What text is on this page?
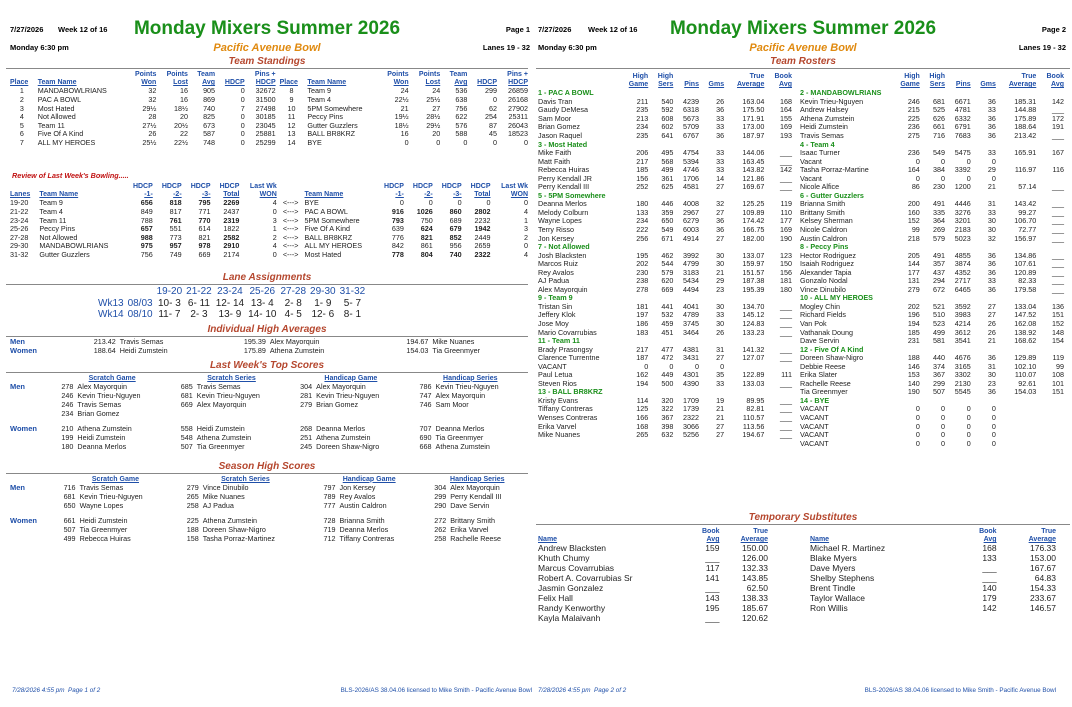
7/27/2026 Week 12 of 16	Monday Mixers Summer 2026	Page 1
Monday 6:30 pm	Pacific Avenue Bowl	Lanes 19 - 32
Team Standings
		Points	Points	Team		Pins +			Points	Points	Team		Pins +
Place	Team Name	Won	Lost	Avg	HDCP	HDCP	Place	Team Name	Won	Lost	Avg	HDCP	HDCP
1	MANDABOWLRIANS	32	16	905	0	32672	8	Team 9	24	24	536	299	26859
2	PAC A BOWL	32	16	869	0	31500	9	Team 4	22½	25½	638	0	26168
3	Most Hated	29½	18½	740	7	27498	10	5PM Somewhere	21	27	756	62	27902
4	Not Allowed	28	20	825	0	30185	11	Peccy Pins	19½	28½	622	254	25311
5	Team 11	27½	20½	673	0	23045	12	Gutter Guzzlers	18½	29½	576	87	26043
6	Five Of A Kind	26	22	587	0	25881	13	BALL BR8KRZ	16	20	588	45	18523
7	ALL MY HEROES	25½	22½	748	0	25299	14	BYE	0	0	0	0	0
Review of Last Week's Bowling.....
		HDCP	HDCP	HDCP	HDCP	Last Wk			HDCP	HDCP	HDCP	HDCP	Last Wk
Lanes	Team Name	-1-	-2-	-3-	Total	WON		Team Name	-1-	-2-	-3-	Total	WON
19-20	Team 9	656	818	795	2269	4	<--->	BYE	0	0	0	0	0
21-22	Team 4	849	817	771	2437	0	<--->	PAC A BOWL	916	1026	860	2802	4
23-24	Team 11	788	761	770	2319	3	<--->	5PM Somewhere	793	750	689	2232	1
25-26	Peccy Pins	657	551	614	1822	1	<--->	Five Of A Kind	639	624	679	1942	3
27-28	Not Allowed	988	773	821	2582	2	<--->	BALL BR8KRZ	776	821	852	2449	2
29-30	MANDABOWLRIANS	975	957	978	2910	4	<--->	ALL MY HEROES	842	861	956	2659	0
31-32	Gutter Guzzlers	756	749	669	2174	0	<--->	Most Hated	778	804	740	2322	4
Lane Assignments
		19-20	21-22	23-24	25-26	27-28	29-30	31-32
Wk13	08/03	10- 3	6- 11	12- 14	13- 4	2- 8	1- 9	5- 7
Wk14	08/10	11- 7	2- 3	13- 9	14- 10	4- 5	12- 6	8- 1
Individual High Averages
Men	213.42	Travis Semas	195.39	Alex Mayorquin	194.67	Mike Nuanes
Women	188.64	Heidi Zumstein	175.89	Athena Zumstein	154.03	Tia Greenmyer
Last Week's Top Scores
	Scratch Game		Scratch Series		Handicap Game		Handicap Series	
Men	278	Alex Mayorquin	685	Travis Semas	304	Alex Mayorquin	786	Kevin Trieu-Nguyen
	246	Kevin Trieu-Nguyen	681	Kevin Trieu-Nguyen	281	Kevin Trieu-Nguyen	747	Alex Mayorquin
	246	Travis Semas	669	Alex Mayorquin	279	Brian Gomez	746	Sam Moor
	234	Brian Gomez						

Women	210	Athena Zumstein	558	Heidi Zumstein	268	Deanna Merlos	707	Deanna Merlos
	199	Heidi Zumstein	548	Athena Zumstein	251	Athena Zumstein	690	Tia Greenmyer
	180	Deanna Merlos	507	Tia Greenmyer	245	Doreen Shaw-Nigro	668	Athena Zumstein
Season High Scores
	Scratch Game		Scratch Series		Handicap Game		Handicap Series	
Men	716	Travis Semas	279	Vince Dinubilo	797	Jon Kersey	304	Alex Mayorquin
	681	Kevin Trieu-Nguyen	265	Mike Nuanes	789	Rey Avalos	299	Perry Kendall III
	650	Wayne Lopes	258	AJ Padua	777	Austin Caldron	290	Dave Servin

Women	661	Heidi Zumstein	225	Athena Zumstein	728	Brianna Smith	272	Brittany Smith
	507	Tia Greenmyer	188	Doreen Shaw-Nigro	719	Deanna Merlos	262	Erika Varvel
	499	Rebecca Huiras	158	Tasha Porraz-Martinez	712	Tiffany Contreras	258	Rachelle Reese
7/28/2026 4:55 pm Page 1 of 2	BLS-2026/AS 38.04.06 licensed to Mike Smith - Pacific Avenue Bowl
7/27/2026 Week 12 of 16	Monday Mixers Summer 2026	Page 2
Monday 6:30 pm	Pacific Avenue Bowl	Lanes 19 - 32
Team Rosters
	High	High			True	Book
	Game	Sers	Pins	Gms	Average	Avg
1 - PAC A BOWL						
Davis Tran	211	540	4239	26	163.04	168
Gaudy DeMesa	235	592	6318	36	175.50	164
Sam Moor	213	608	5673	33	171.91	155
Brian Gomez	234	602	5709	33	173.00	169
Jason Raquel	235	641	6767	36	187.97	193
3 - Most Hated						
Mike Faith	206	495	4754	33	144.06	___
Matt Faith	217	568	5394	33	163.45	___
Rebecca Huiras	185	499	4746	33	143.82	142
Perry Kendall JR	156	361	1706	14	121.86	___
Perry Kendall III	252	625	4581	27	169.67	___
5 - 5PM Somewhere						
Deanna Merlos	180	446	4008	32	125.25	119
Melody Colburn	133	359	2967	27	109.89	110
Wayne Lopes	234	650	6279	36	174.42	177
Terry Risso	222	549	6003	36	166.75	169
Jon Kersey	256	671	4914	27	182.00	190
7 - Not Allowed						
Josh Blacksten	195	462	3992	30	133.07	123
Marcos Ruiz	202	544	4799	30	159.97	150
Rey Avalos	230	579	3183	21	151.57	156
AJ Padua	238	620	5434	29	187.38	181
Alex Mayorquin	278	669	4494	23	195.39	180
9 - Team 9						
Tristan Sin	181	441	4041	30	134.70	___
Jeffery Klok	197	532	4789	33	145.12	___
Jose Moy	186	459	3745	30	124.83	___
Mario Covarrubias	183	451	3464	26	133.23	___
11 - Team 11						
Brady Prasongsy	217	477	4381	31	141.32	___
Clarence Turrentne	187	472	3431	27	127.07	___
VACANT	0	0	0	0		
Paul Letua	162	449	4301	35	122.89	111
Steven Rios	194	500	4390	33	133.03	___
13 - BALL BR8KRZ						
Kristy Evans	114	320	1709	19	89.95	___
Tiffany Contreras	125	322	1739	21	82.81	___
Wenses Contreras	166	367	2322	21	110.57	___
Erika Varvel	168	398	3066	27	113.56	___
Mike Nuanes	265	632	5256	27	194.67	___
	High	High			True	Book
	Game	Sers	Pins	Gms	Average	Avg
2 - MANDABOWLRIANS						
Kevin Trieu-Nguyen	246	681	6671	36	185.31	142
Andrew Halsey	215	525	4781	33	144.88	___
Athena Zumstein	225	626	6332	36	175.89	172
Heidi Zumstein	236	661	6791	36	188.64	191
Travis Semas	275	716	7683	36	213.42	___
4 - Team 4						
Isaac Turner	236	549	5475	33	165.91	167
Vacant	0	0	0	0		
Tasha Porraz-Martine	164	384	3392	29	116.97	116
Vacant	0	0	0	0		
Nicole Alfice	86	230	1200	21	57.14	___
6 - Gutter Guzzlers						
Brianna Smith	200	491	4446	31	143.42	___
Brittany Smith	160	335	3276	33	99.27	___
Kelsey Sherman	152	364	3201	30	106.70	___
Nicole Caldron	99	269	2183	30	72.77	___
Austin Caldron	218	579	5023	32	156.97	___
8 - Peccy Pins						
Hector Rodriguez	205	491	4855	36	134.86	___
Isaiah Rodriguez	144	357	3874	36	107.61	___
Alexander Tapia	177	437	4352	36	120.89	___
Gonzalo Nodal	131	294	2717	33	82.33	___
Vince Dinubilo	279	672	6465	36	179.58	___
10 - ALL MY HEROES						
Mogley Chin	202	521	3592	27	133.04	136
Richard Fields	196	510	3983	27	147.52	151
Van Pok	194	523	4214	26	162.08	152
Vathanak Doung	185	499	3612	26	138.92	148
Dave Servin	231	581	3541	21	168.62	154
12 - Five Of A Kind						
Doreen Shaw-Nigro	188	440	4676	36	129.89	119
Debbie Reese	146	374	3165	31	102.10	99
Erika Slater	153	367	3302	30	110.07	108
Rachelle Reese	140	299	2130	23	92.61	101
Tia Greenmyer	190	507	5545	36	154.03	151
14 - BYE						
VACANT	0	0	0	0		
VACANT	0	0	0	0		
VACANT	0	0	0	0		
VACANT	0	0	0	0		
VACANT	0	0	0	0		
Temporary Substitutes
	Book	True
Name	Avg	Average
Andrew Blacksten	159	150.00
Khuth Chumy	___	126.00
Marcus Covarrubias	117	132.33
Robert A. Covarrubias Sr	141	143.85
Jasmin Gonzalez	___	62.50
Felix Hall	143	138.33
Randy Kenworthy	195	185.67
Kayla Malaivanh	___	120.62
	Book	True
Name	Avg	Average
Michael R. Martinez	168	176.33
Blake Myers	133	153.00
Dave Myers	___	167.67
Shelby Stephens	___	64.83
Brent Tindle	140	154.33
Taylor Wallace	179	233.67
Ron Willis	142	146.57
7/28/2026 4:55 pm Page 2 of 2	BLS-2026/AS 38.04.06 licensed to Mike Smith - Pacific Avenue Bowl
